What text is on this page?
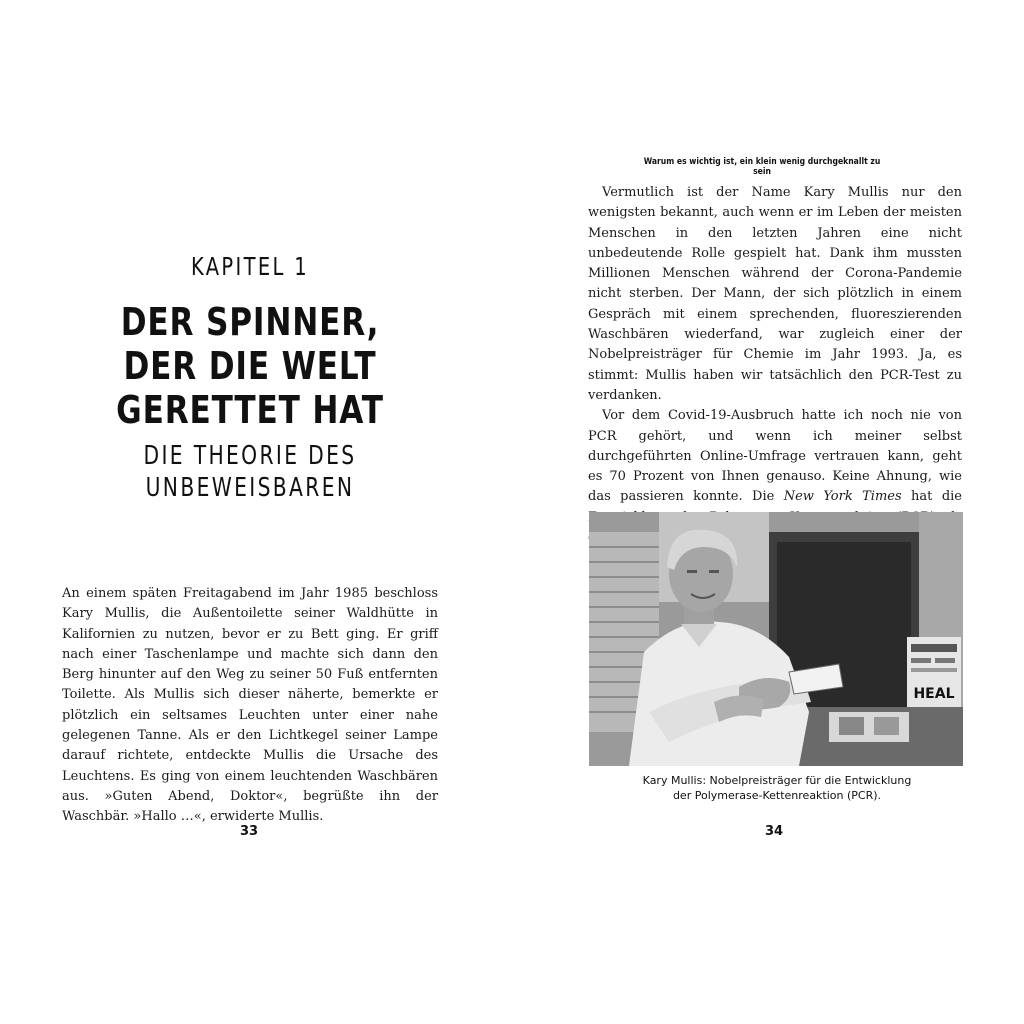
KAPITEL 1
DER SPINNER,
DER DIE WELT
GERETTET HAT
DIE THEORIE DES
UNBEWEISBAREN

An einem späten Freitagabend im Jahr 1985 beschloss Kary Mullis, die Außentoilette seiner Waldhütte in Kalifornien zu nutzen, bevor er zu Bett ging. Er griff nach einer Taschenlampe und machte sich dann den Berg hinunter auf den Weg zu seiner 50 Fuß entfernten Toilette. Als Mullis sich dieser näherte, bemerkte er plötzlich ein seltsames Leuchten unter einer nahe gelegenen Tanne. Als er den Lichtkegel seiner Lampe darauf richtete, entdeckte Mullis die Ursache des Leuchtens. Es ging von einem leuchtenden Waschbären aus. »Guten Abend, Doktor«, begrüßte ihn der Waschbär. »Hallo …«, erwiderte Mullis.

33
Warum es wichtig ist, ein klein wenig durchgeknallt zu sein

Vermutlich ist der Name Kary Mullis nur den wenigsten bekannt, auch wenn er im Leben der meisten Menschen in den letzten Jahren eine nicht unbedeutende Rolle gespielt hat. Dank ihm mussten Millionen Menschen während der Corona-Pandemie nicht sterben. Der Mann, der sich plötzlich in einem Gespräch mit einem sprechenden, fluoreszierenden Waschbären wiederfand, war zugleich einer der Nobelpreisträger für Chemie im Jahr 1993. Ja, es stimmt: Mullis haben wir tatsächlich den PCR-Test zu verdanken.

Vor dem Covid-19-Ausbruch hatte ich noch nie von PCR gehört, und wenn ich meiner selbst durchgeführten Online-Umfrage vertrauen kann, geht es 70 Prozent von Ihnen genauso. Keine Ahnung, wie das passieren konnte. Die New York Times hat die

HEAL
Kary Mullis: Nobelpreisträger für die Entwicklung
der Polymerase-Kettenreaktion (PCR).
34
